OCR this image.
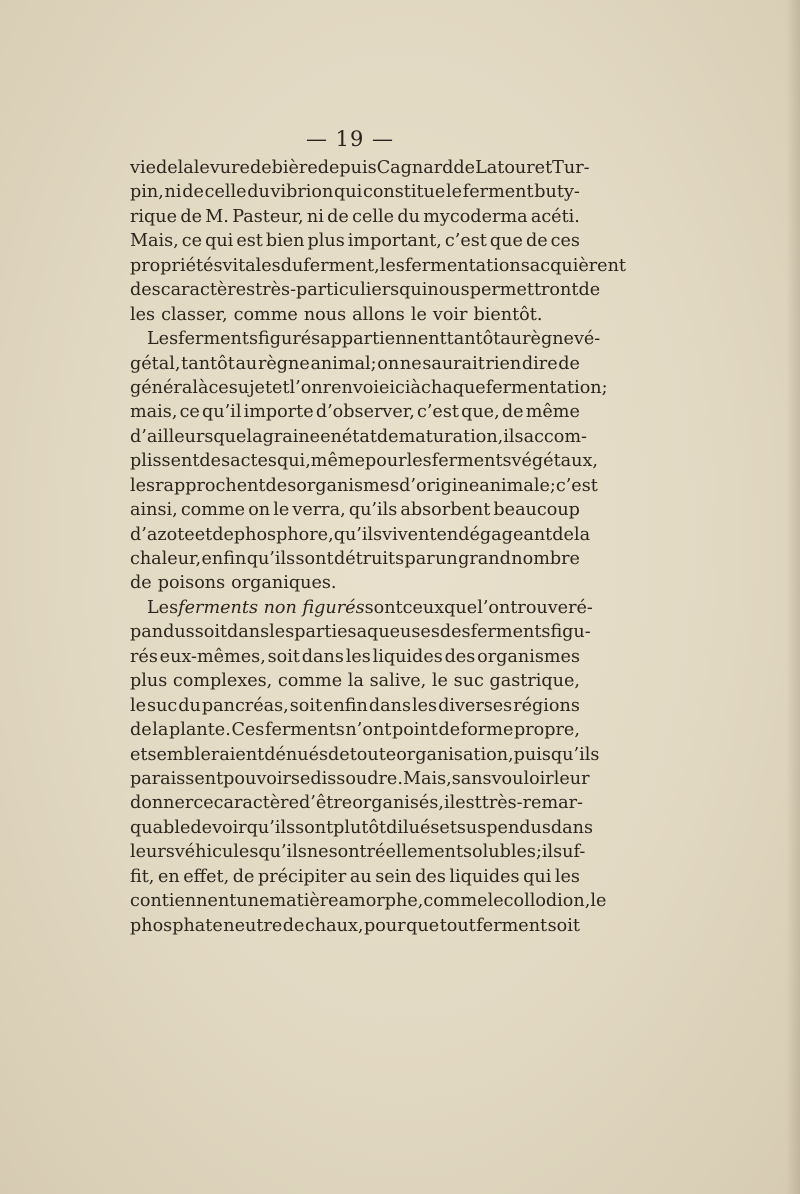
— 19 —
vie de la levure de bière depuis Cagnard de Latour et Tur-
pin, ni de celle du vibrion qui constitue le ferment buty-
rique de M. Pasteur, ni de celle du mycoderma acéti.
Mais, ce qui est bien plus important, c’est que de ces
propriétés vitales du ferment, les fermentations acquièrent
des caractères très-particuliers qui nous permettront de
les classer, comme nous allons le voir bientôt.
Les ferments figurés appartiennent tantôt au règne vé-
gétal, tantôt au règne animal; on ne saurait rien dire de
général à ce sujet et l’on renvoie ici à chaque fermentation;
mais, ce qu’il importe d’observer, c’est que, de même
d’ailleurs que la graine en état de maturation, ils accom-
plissent des actes qui, même pour les ferments végétaux,
les rapprochent des organismes d’origine animale ; c’est
ainsi, comme on le verra, qu’ils absorbent beaucoup
d’azote et de phosphore, qu’ils vivent en dégageant de la
chaleur, enfin qu’ils sont détruits par un grand nombre
de poisons organiques.
Les ferments non figurés sont ceux que l’on trouve ré-
pandus soit dans les parties aqueuses des ferments figu-
rés eux-mêmes, soit dans les liquides des organismes
plus complexes, comme la salive, le suc gastrique,
le suc du pancréas, soit enfin dans les diverses régions
de la plante. Ces ferments n’ont point de forme propre,
et sembleraient dénués de toute organisation, puisqu’ils
paraissent pouvoir se dissoudre. Mais, sans vouloir leur
donner ce caractère d’être organisés, il est très-remar-
quable de voir qu’ils sont plutôt dilués et suspendus dans
leurs véhicules qu’ils ne sont réellement solubles; il suf-
fit, en effet, de précipiter au sein des liquides qui les
contiennent une matière amorphe, comme le collodion, le
phosphate neutre de chaux, pour que tout ferment soit
